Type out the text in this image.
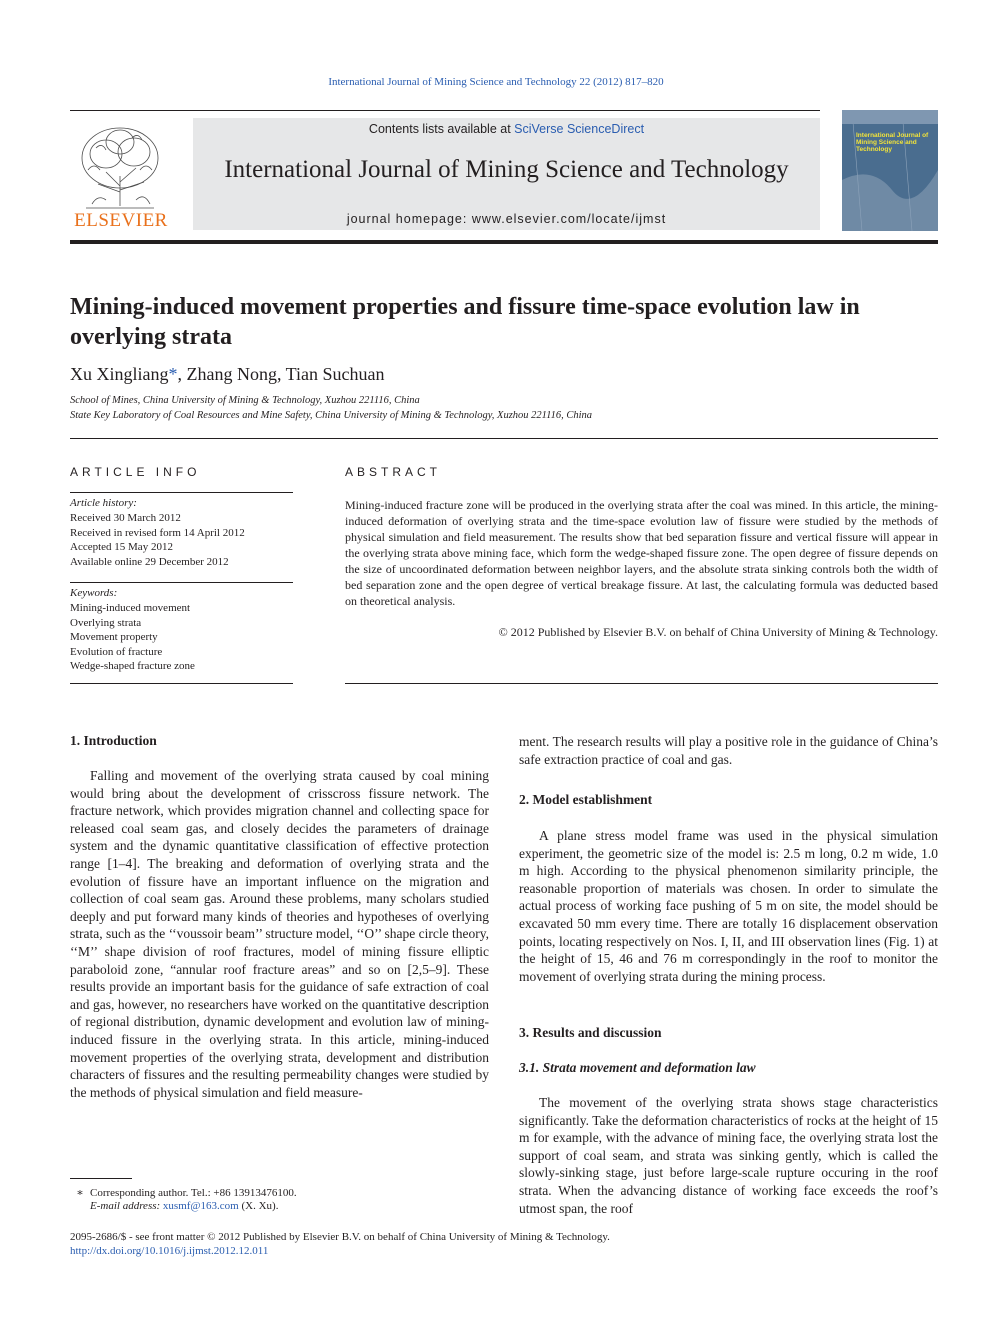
International Journal of Mining Science and Technology 22 (2012) 817–820
ELSEVIER
Contents lists available at SciVerse ScienceDirect
International Journal of Mining Science and Technology
journal homepage: www.elsevier.com/locate/ijmst
International Journal of Mining Science and Technology
Mining-induced movement properties and fissure time-space evolution law in overlying strata
Xu Xingliang*, Zhang Nong, Tian Suchuan
School of Mines, China University of Mining & Technology, Xuzhou 221116, China
State Key Laboratory of Coal Resources and Mine Safety, China University of Mining & Technology, Xuzhou 221116, China
ARTICLE INFO	ABSTRACT
Article history:
Received 30 March 2012
Received in revised form 14 April 2012
Accepted 15 May 2012
Available online 29 December 2012
Keywords:
Mining-induced movement
Overlying strata
Movement property
Evolution of fracture
Wedge-shaped fracture zone

Mining-induced fracture zone will be produced in the overlying strata after the coal was mined. In this article, the mining-induced deformation of overlying strata and the time-space evolution law of fissure were studied by the methods of physical simulation and field measurement. The results show that bed separation fissure and vertical fissure will appear in the overlying strata above mining face, which form the wedge-shaped fissure zone. The open degree of fissure depends on the size of uncoordinated deformation between neighbor layers, and the absolute strata sinking controls both the width of bed separation zone and the open degree of vertical breakage fissure. At last, the calculating formula was deducted based on theoretical analysis.

© 2012 Published by Elsevier B.V. on behalf of China University of Mining & Technology.
1. Introduction

Falling and movement of the overlying strata caused by coal mining would bring about the development of crisscross fissure network. The fracture network, which provides migration channel and collecting space for released coal seam gas, and closely decides the parameters of drainage system and the dynamic quantitative classification of effective protection range [1–4]. The breaking and deformation of overlying strata and the evolution of fissure have an important influence on the migration and collection of coal seam gas. Around these problems, many scholars studied deeply and put forward many kinds of theories and hypotheses of overlying strata, such as the ‘‘voussoir beam’’ structure model, ‘‘O’’ shape circle theory, ‘‘M’’ shape division of roof fractures, model of mining fissure elliptic paraboloid zone, “annular roof fracture areas” and so on [2,5–9]. These results provide an important basis for the guidance of safe extraction of coal and gas, however, no researchers have worked on the quantitative description of regional distribution, dynamic development and evolution law of mining-induced fissure in the overlying strata. In this article, mining-induced movement properties of the overlying strata, development and distribution characters of fissures and the resulting permeability changes were studied by the methods of physical simulation and field measure-

ment. The research results will play a positive role in the guidance of China’s safe extraction practice of coal and gas.

2. Model establishment

A plane stress model frame was used in the physical simulation experiment, the geometric size of the model is: 2.5 m long, 0.2 m wide, 1.0 m high. According to the physical phenomenon similarity principle, the reasonable proportion of materials was chosen. In order to simulate the actual process of working face pushing of 5 m on site, the model should be excavated 50 mm every time. There are totally 16 displacement observation points, locating respectively on Nos. I, II, and III observation lines (Fig. 1) at the height of 15, 46 and 76 m correspondingly in the roof to monitor the movement of overlying strata during the mining process.

3. Results and discussion
3.1. Strata movement and deformation law

The movement of the overlying strata shows stage characteristics significantly. Take the deformation characteristics of rocks at the height of 15 m for example, with the advance of mining face, the overlying strata lost the support of coal seam, and strata was sinking gently, which is called the slowly-sinking stage, just before large-scale rupture occuring in the roof strata. When the advancing distance of working face exceeds the roof’s utmost span, the roof

∗ Corresponding author. Tel.: +86 13913476100.
E-mail address: xusmf@163.com (X. Xu).
2095-2686/$ - see front matter © 2012 Published by Elsevier B.V. on behalf of China University of Mining & Technology.
http://dx.doi.org/10.1016/j.ijmst.2012.12.011
